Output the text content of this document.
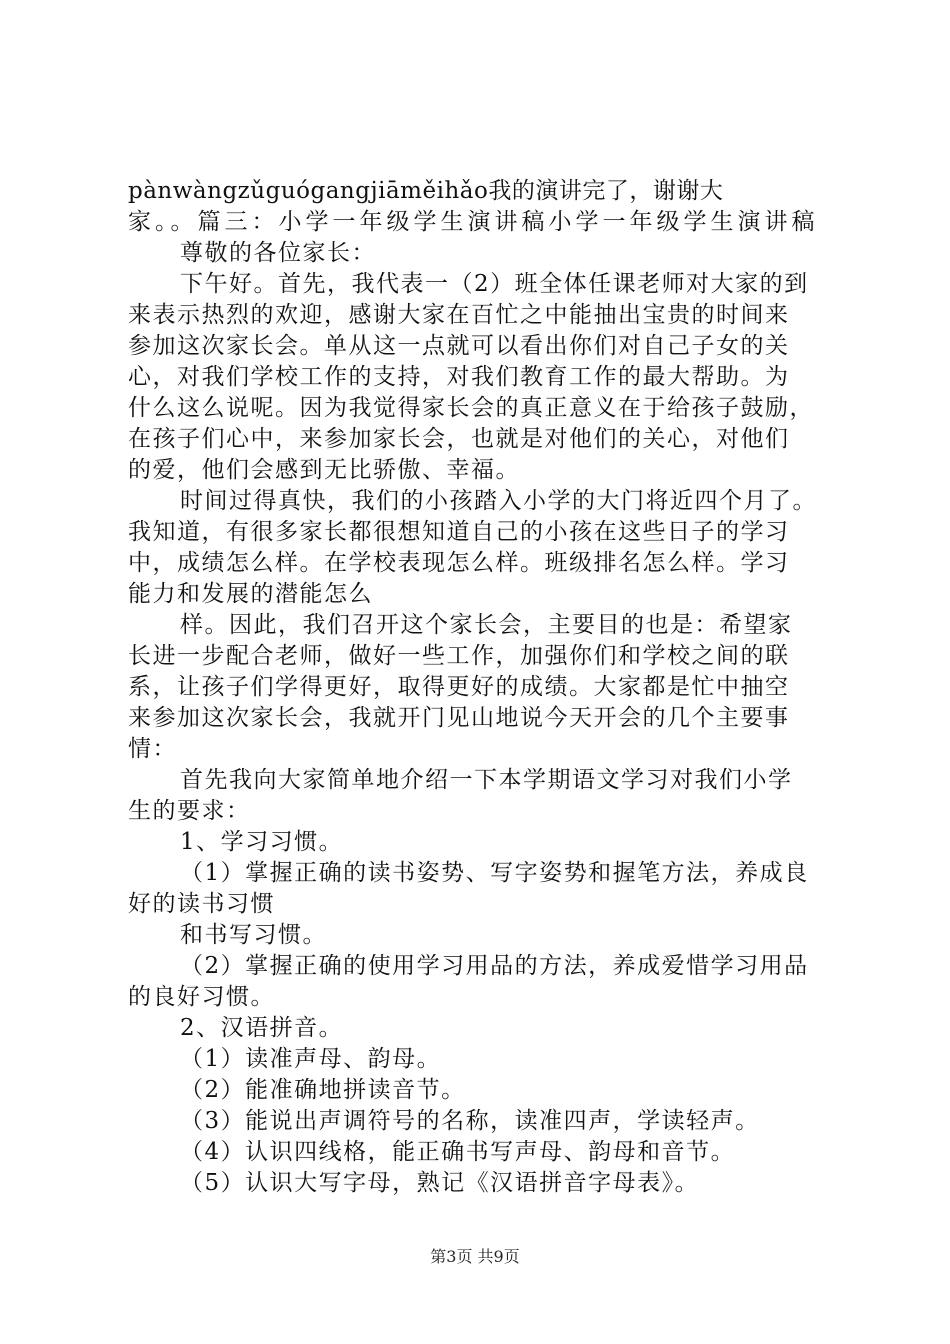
pànwàngzǔguógangjiāměihǎo我的演讲完了，谢谢大
家。。篇三：小学一年级学生演讲稿小学一年级学生演讲稿
尊敬的各位家长：
下午好。首先，我代表一（2）班全体任课老师对大家的到
来表示热烈的欢迎，感谢大家在百忙之中能抽出宝贵的时间来
参加这次家长会。单从这一点就可以看出你们对自己子女的关
心，对我们学校工作的支持，对我们教育工作的最大帮助。为
什么这么说呢。因为我觉得家长会的真正意义在于给孩子鼓励，
在孩子们心中，来参加家长会，也就是对他们的关心，对他们
的爱，他们会感到无比骄傲、幸福。
时间过得真快，我们的小孩踏入小学的大门将近四个月了。
我知道，有很多家长都很想知道自己的小孩在这些日子的学习
中，成绩怎么样。在学校表现怎么样。班级排名怎么样。学习
能力和发展的潜能怎么
样。因此，我们召开这个家长会，主要目的也是：希望家
长进一步配合老师，做好一些工作，加强你们和学校之间的联
系，让孩子们学得更好，取得更好的成绩。大家都是忙中抽空
来参加这次家长会，我就开门见山地说今天开会的几个主要事
情：
首先我向大家简单地介绍一下本学期语文学习对我们小学
生的要求：
1、学习习惯。
（1）掌握正确的读书姿势、写字姿势和握笔方法，养成良
好的读书习惯
和书写习惯。
（2）掌握正确的使用学习用品的方法，养成爱惜学习用品
的良好习惯。
2、汉语拼音。
（1）读准声母、韵母。
（2）能准确地拼读音节。
（3）能说出声调符号的名称，读准四声，学读轻声。
（4）认识四线格，能正确书写声母、韵母和音节。
（5）认识大写字母，熟记《汉语拼音字母表》。
第3页 共9页
